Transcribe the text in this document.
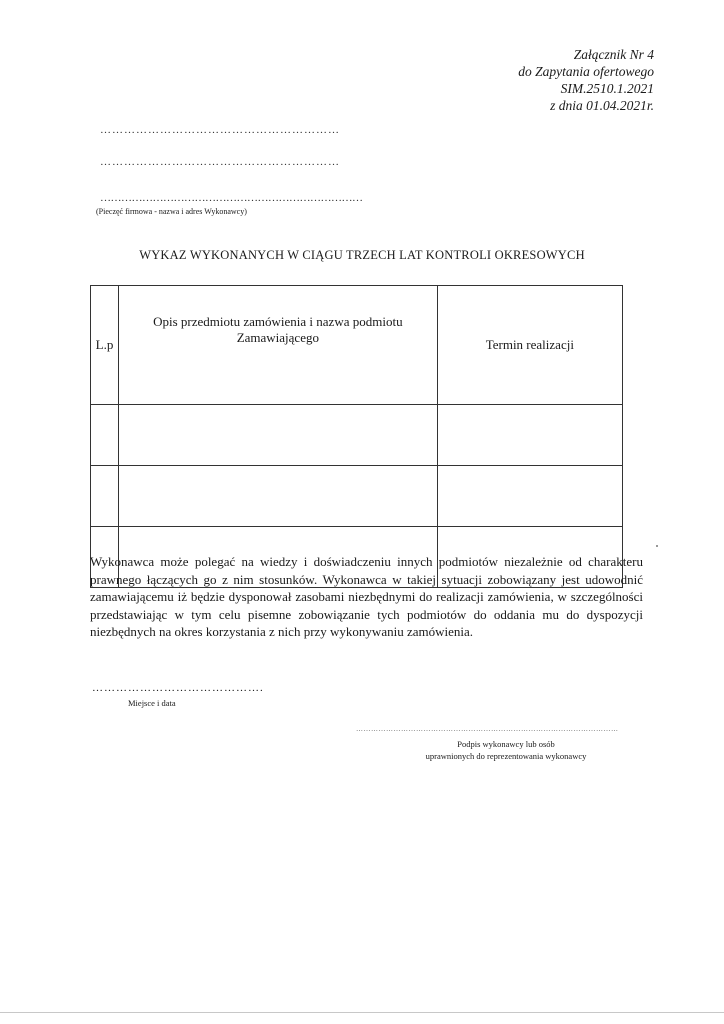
Załącznik Nr 4
do Zapytania ofertowego
SIM.2510.1.2021
z dnia 01.04.2021r.
……………………………………………………
……………………………………………………
…………………………………………………………………
(Pieczęć firmowa - nazwa i adres Wykonawcy)
WYKAZ WYKONANYCH W CIĄGU TRZECH LAT KONTROLI OKRESOWYCH
L.p	Opis przedmiotu zamówienia i nazwa podmiotu Zamawiającego	Termin realizacji

Wykonawca może polegać na wiedzy i doświadczeniu innych podmiotów niezależnie od charakteru prawnego łączących go z nim stosunków. Wykonawca w takiej sytuacji zobowiązany jest udowodnić zamawiającemu iż będzie dysponował zasobami niezbędnymi do realizacji zamówienia, w szczególności przedstawiając w tym celu pisemne zobowiązanie tych podmiotów do oddania mu do dyspozycji niezbędnych na okres korzystania z nich przy wykonywaniu zamówienia.
…………………………………….
Miejsce i data
……………………………………………………………………………………………
Podpis wykonawcy lub osób
uprawnionych do reprezentowania wykonawcy
